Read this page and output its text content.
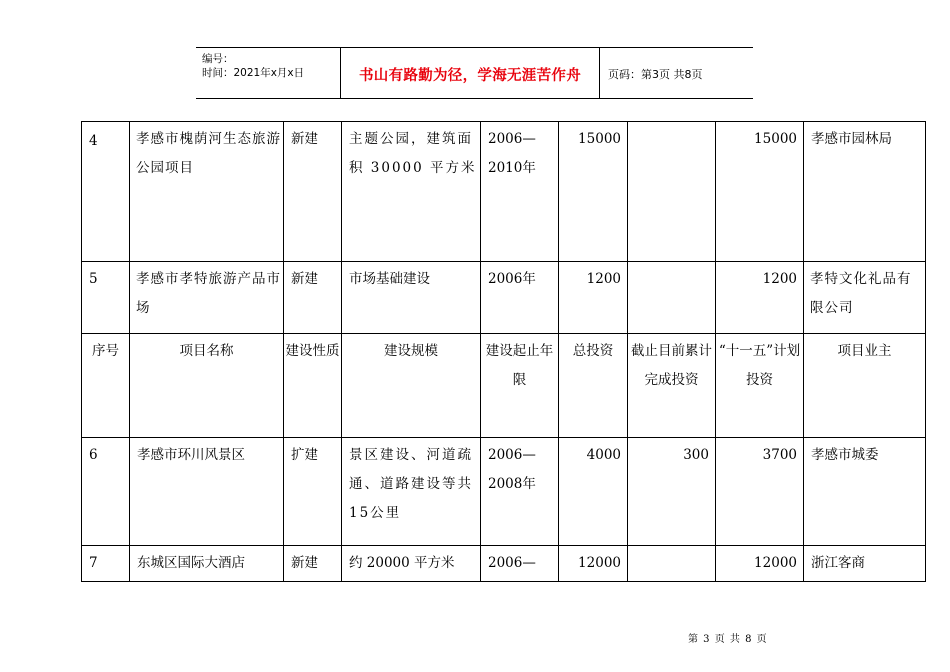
编号：
时间：2021年x月x日	书山有路勤为径，学海无涯苦作舟	页码：第3页 共8页
4	孝感市槐荫河生态旅游公园项目	新建	主题公园，建筑面积 30000 平方米	2006—2010年	15000		15000	孝感市园林局

5	孝感市孝特旅游产品市场	新建	市场基础建设	2006年	1200		1200	孝特文化礼品有限公司

序号	项目名称	建设性质	建设规模	建设起止年限	总投资	截止目前累计完成投资	“十一五”计划投资	项目业主

6	孝感市环川风景区	扩建	景区建设、河道疏通、道路建设等共15公里	2006—2008年	4000	300	3700	孝感市城委

7	东城区国际大酒店	新建	约 20000 平方米	2006—	12000		12000	浙江客商
第 3 页 共 8 页
